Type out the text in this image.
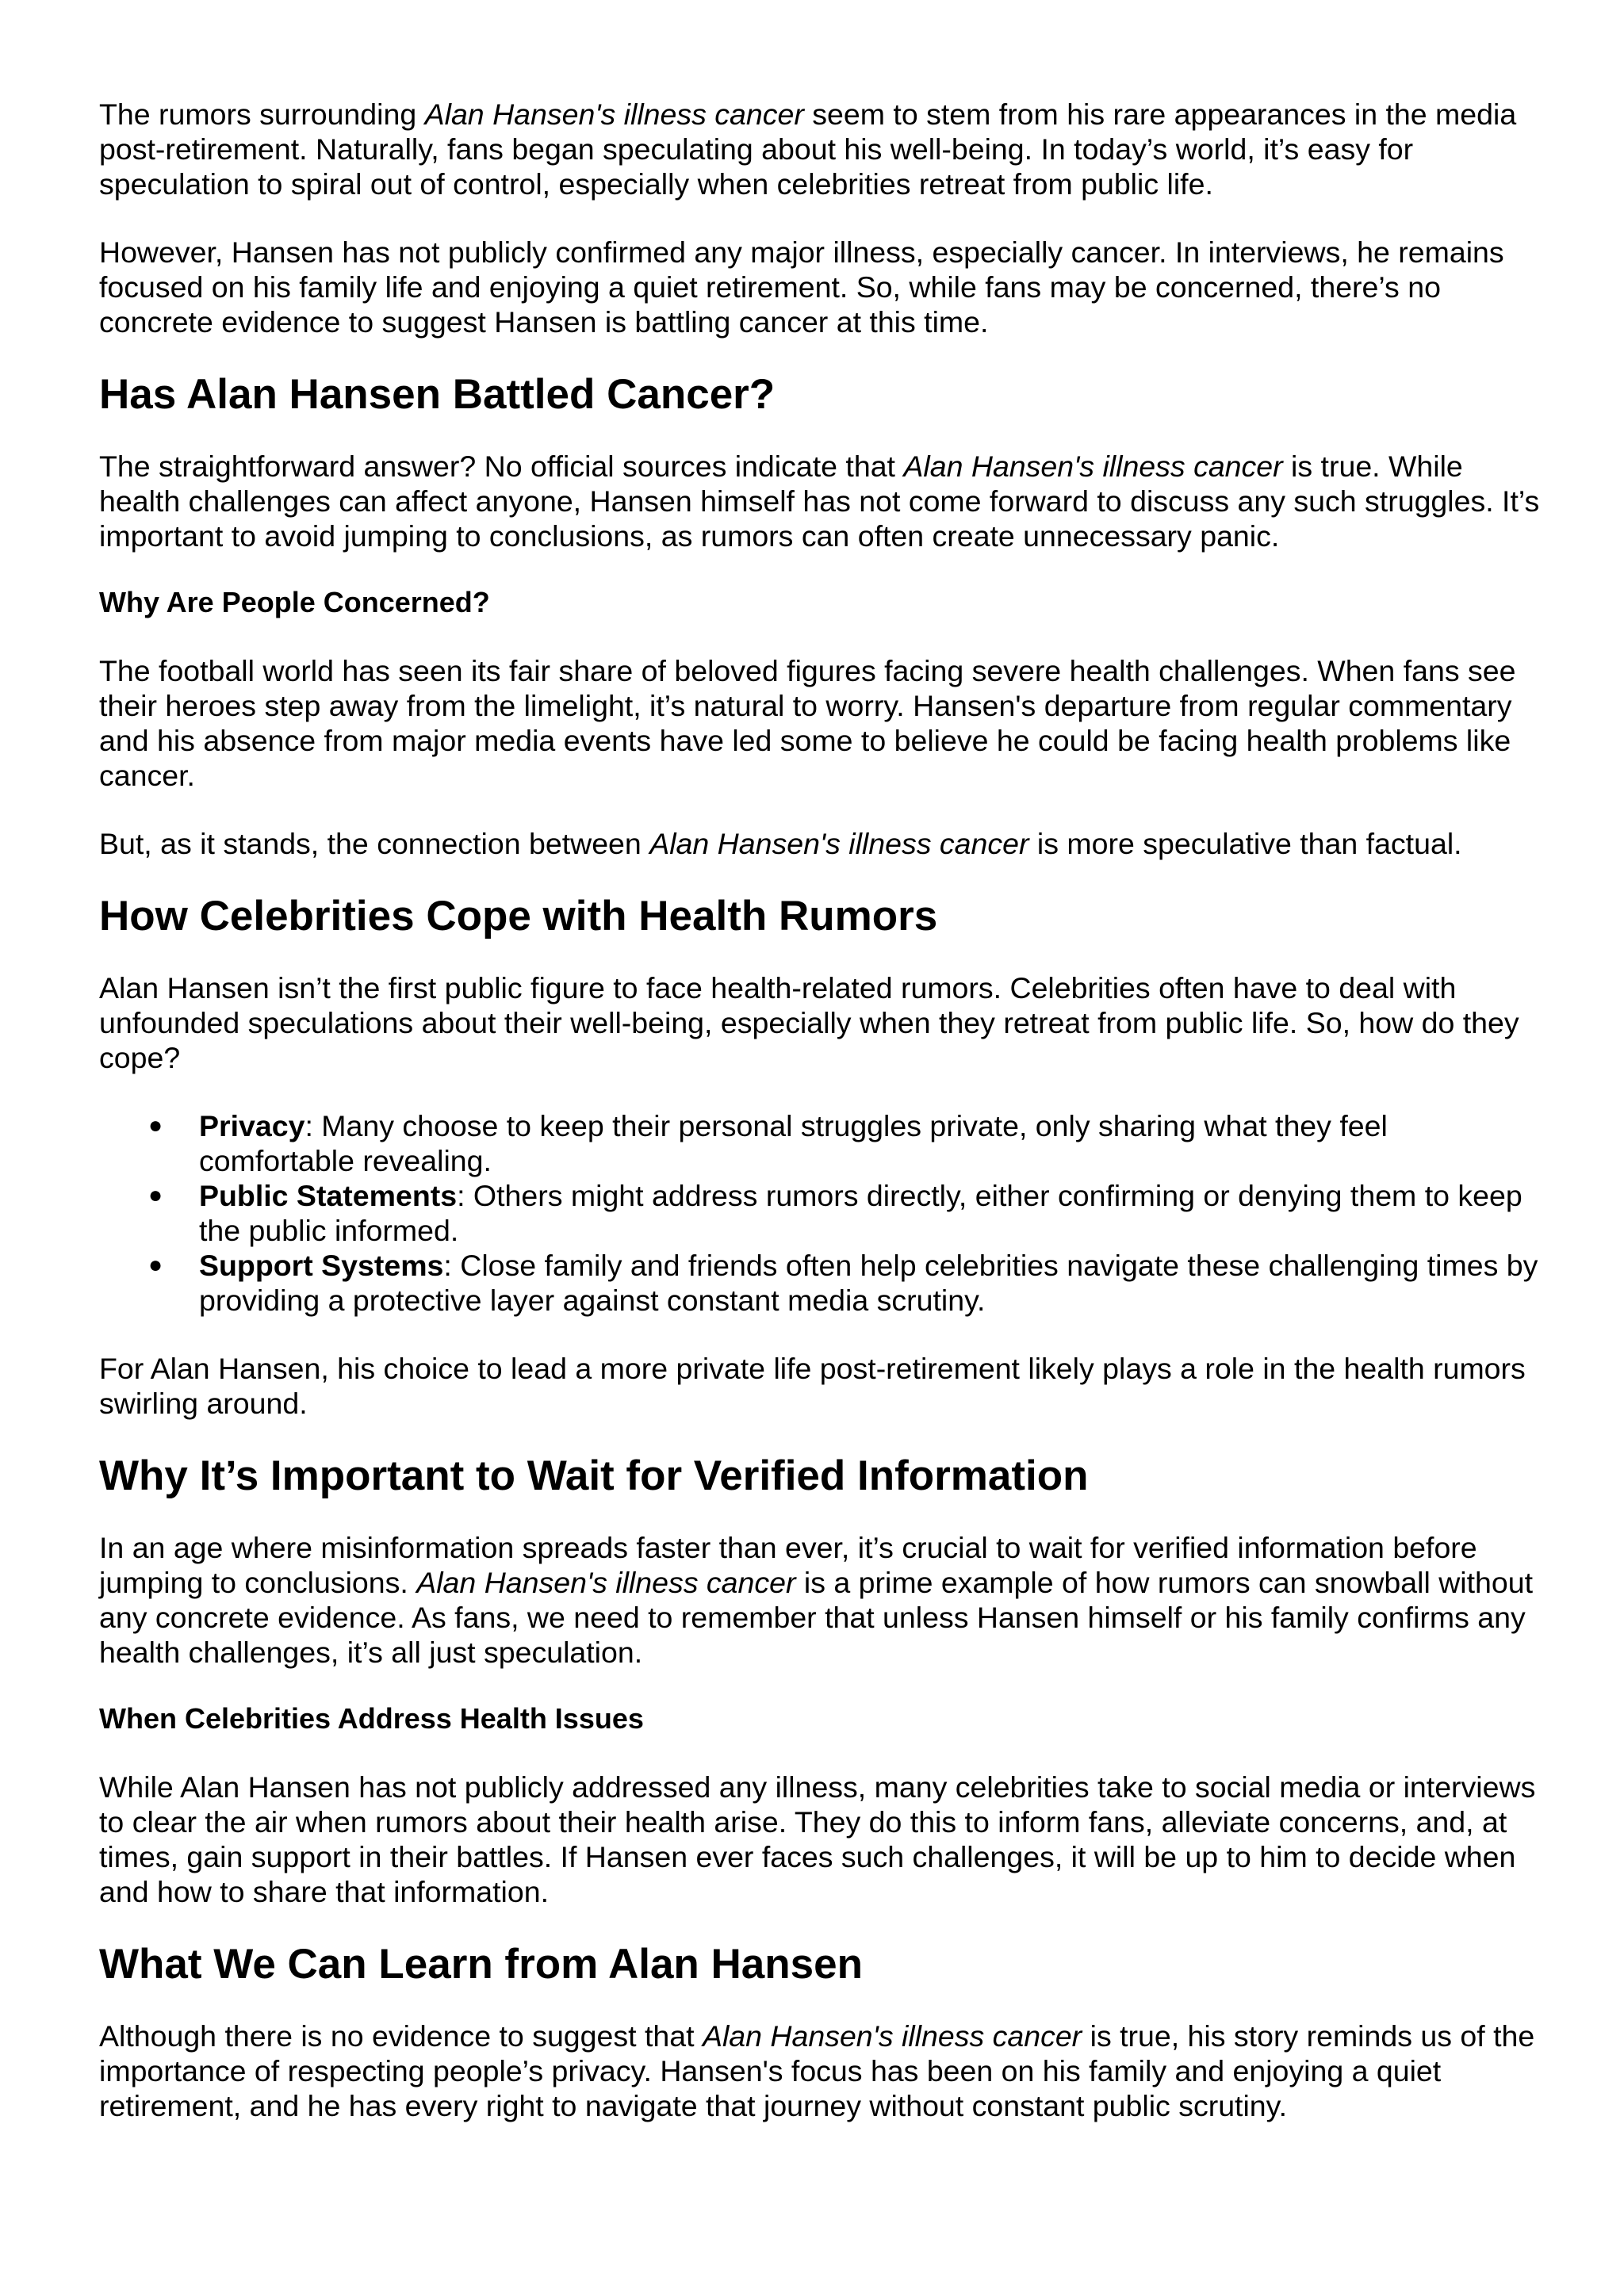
The rumors surrounding Alan Hansen's illness cancer seem to stem from his rare appearances in the media post-retirement. Naturally, fans began speculating about his well-being. In today’s world, it’s easy for speculation to spiral out of control, especially when celebrities retreat from public life.

However, Hansen has not publicly confirmed any major illness, especially cancer. In interviews, he remains focused on his family life and enjoying a quiet retirement. So, while fans may be concerned, there’s no concrete evidence to suggest Hansen is battling cancer at this time.

Has Alan Hansen Battled Cancer?

The straightforward answer? No official sources indicate that Alan Hansen's illness cancer is true. While health challenges can affect anyone, Hansen himself has not come forward to discuss any such struggles. It’s important to avoid jumping to conclusions, as rumors can often create unnecessary panic.

Why Are People Concerned?

The football world has seen its fair share of beloved figures facing severe health challenges. When fans see their heroes step away from the limelight, it’s natural to worry. Hansen's departure from regular commentary and his absence from major media events have led some to believe he could be facing health problems like cancer.

But, as it stands, the connection between Alan Hansen's illness cancer is more speculative than factual.

How Celebrities Cope with Health Rumors

Alan Hansen isn’t the first public figure to face health-related rumors. Celebrities often have to deal with unfounded speculations about their well-being, especially when they retreat from public life. So, how do they cope?

● Privacy: Many choose to keep their personal struggles private, only sharing what they feel comfortable revealing.
● Public Statements: Others might address rumors directly, either confirming or denying them to keep the public informed.
● Support Systems: Close family and friends often help celebrities navigate these challenging times by providing a protective layer against constant media scrutiny.

For Alan Hansen, his choice to lead a more private life post-retirement likely plays a role in the health rumors swirling around.

Why It’s Important to Wait for Verified Information

In an age where misinformation spreads faster than ever, it’s crucial to wait for verified information before jumping to conclusions. Alan Hansen's illness cancer is a prime example of how rumors can snowball without any concrete evidence. As fans, we need to remember that unless Hansen himself or his family confirms any health challenges, it’s all just speculation.

When Celebrities Address Health Issues

While Alan Hansen has not publicly addressed any illness, many celebrities take to social media or interviews to clear the air when rumors about their health arise. They do this to inform fans, alleviate concerns, and, at times, gain support in their battles. If Hansen ever faces such challenges, it will be up to him to decide when and how to share that information.

What We Can Learn from Alan Hansen

Although there is no evidence to suggest that Alan Hansen's illness cancer is true, his story reminds us of the importance of respecting people’s privacy. Hansen's focus has been on his family and enjoying a quiet retirement, and he has every right to navigate that journey without constant public scrutiny.
